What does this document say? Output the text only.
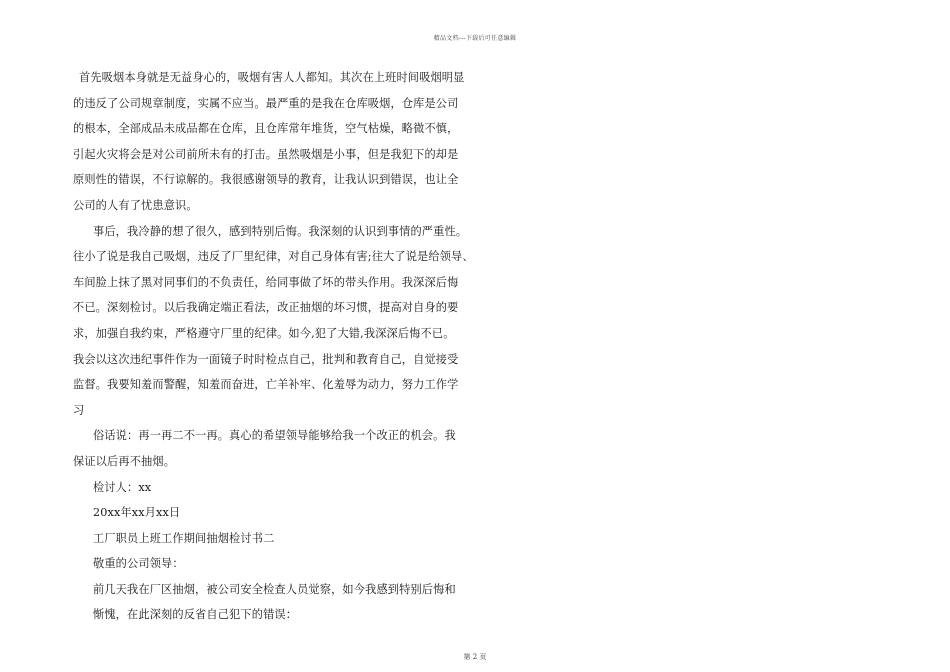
精品文档---下载后可任意编辑
首先吸烟本身就是无益身心的，吸烟有害人人都知。其次在上班时间吸烟明显
的违反了公司规章制度，实属不应当。最严重的是我在仓库吸烟，仓库是公司
的根本，全部成品未成品都在仓库，且仓库常年堆货，空气枯燥，略微不慎，
引起火灾将会是对公司前所未有的打击。虽然吸烟是小事，但是我犯下的却是
原则性的错误，不行谅解的。我很感谢领导的教育，让我认识到错误，也让全
公司的人有了忧患意识。
事后，我冷静的想了很久，感到特别后悔。我深刻的认识到事情的严重性。
往小了说是我自己吸烟，违反了厂里纪律，对自己身体有害;往大了说是给领导、
车间脸上抹了黑对同事们的不负责任，给同事做了坏的带头作用。我深深后悔
不已。深刻检讨。以后我确定端正看法，改正抽烟的坏习惯，提高对自身的要
求，加强自我约束，严格遵守厂里的纪律。如今,犯了大错,我深深后悔不已。
我会以这次违纪事件作为一面镜子时时检点自己，批判和教育自己，自觉接受
监督。我要知羞而警醒，知羞而奋进，亡羊补牢、化羞辱为动力，努力工作学
习
俗话说：再一再二不一再。真心的希望领导能够给我一个改正的机会。我
保证以后再不抽烟。
检讨人：xx
20xx年xx月xx日
工厂职员上班工作期间抽烟检讨书二
敬重的公司领导：
前几天我在厂区抽烟，被公司安全检查人员觉察，如今我感到特别后悔和
惭愧，在此深刻的反省自己犯下的错误：
第 2 页
